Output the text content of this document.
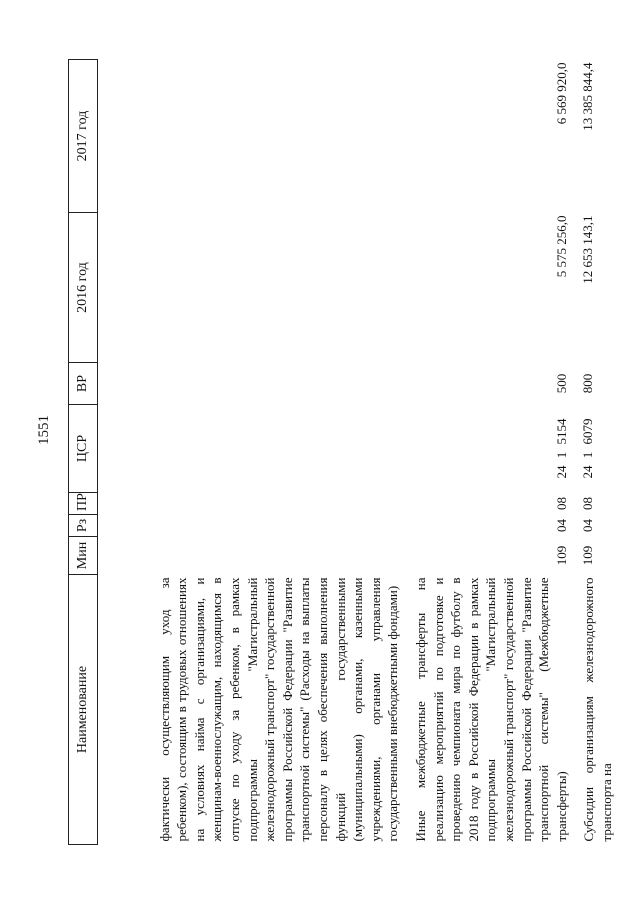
1551
Наименование	Мин	Рз	ПР	ЦСР	ВР	2016 год	2017 год
фактически осуществляющим уход за ребенком), состоящим в трудовых отношениях на условиях найма с организациями, и женщинам-военнослужащим, находящимся в отпуске по уходу за ребенком, в рамках подпрограммы "Магистральный железнодорожный транспорт" государственной программы Российской Федерации "Развитие транспортной системы" (Расходы на выплаты персоналу в целях обеспечения выполнения функций государственными (муниципальными) органами, казенными учреждениями, органами управления государственными внебюджетными фондами)							

Иные межбюджетные трансферты на реализацию мероприятий по подготовке и проведению чемпионата мира по футболу в 2018 году в Российской Федерации в рамках подпрограммы "Магистральный железнодорожный транспорт" государственной программы Российской Федерации "Развитие транспортной системы" (Межбюджетные трансферты)	109	04	08	24 1 5154	500	5 575 256,0	6 569 920,0

Субсидии организациям железнодорожного транспорта на	109	04	08	24 1 6079	800	12 653 143,1	13 385 844,4
